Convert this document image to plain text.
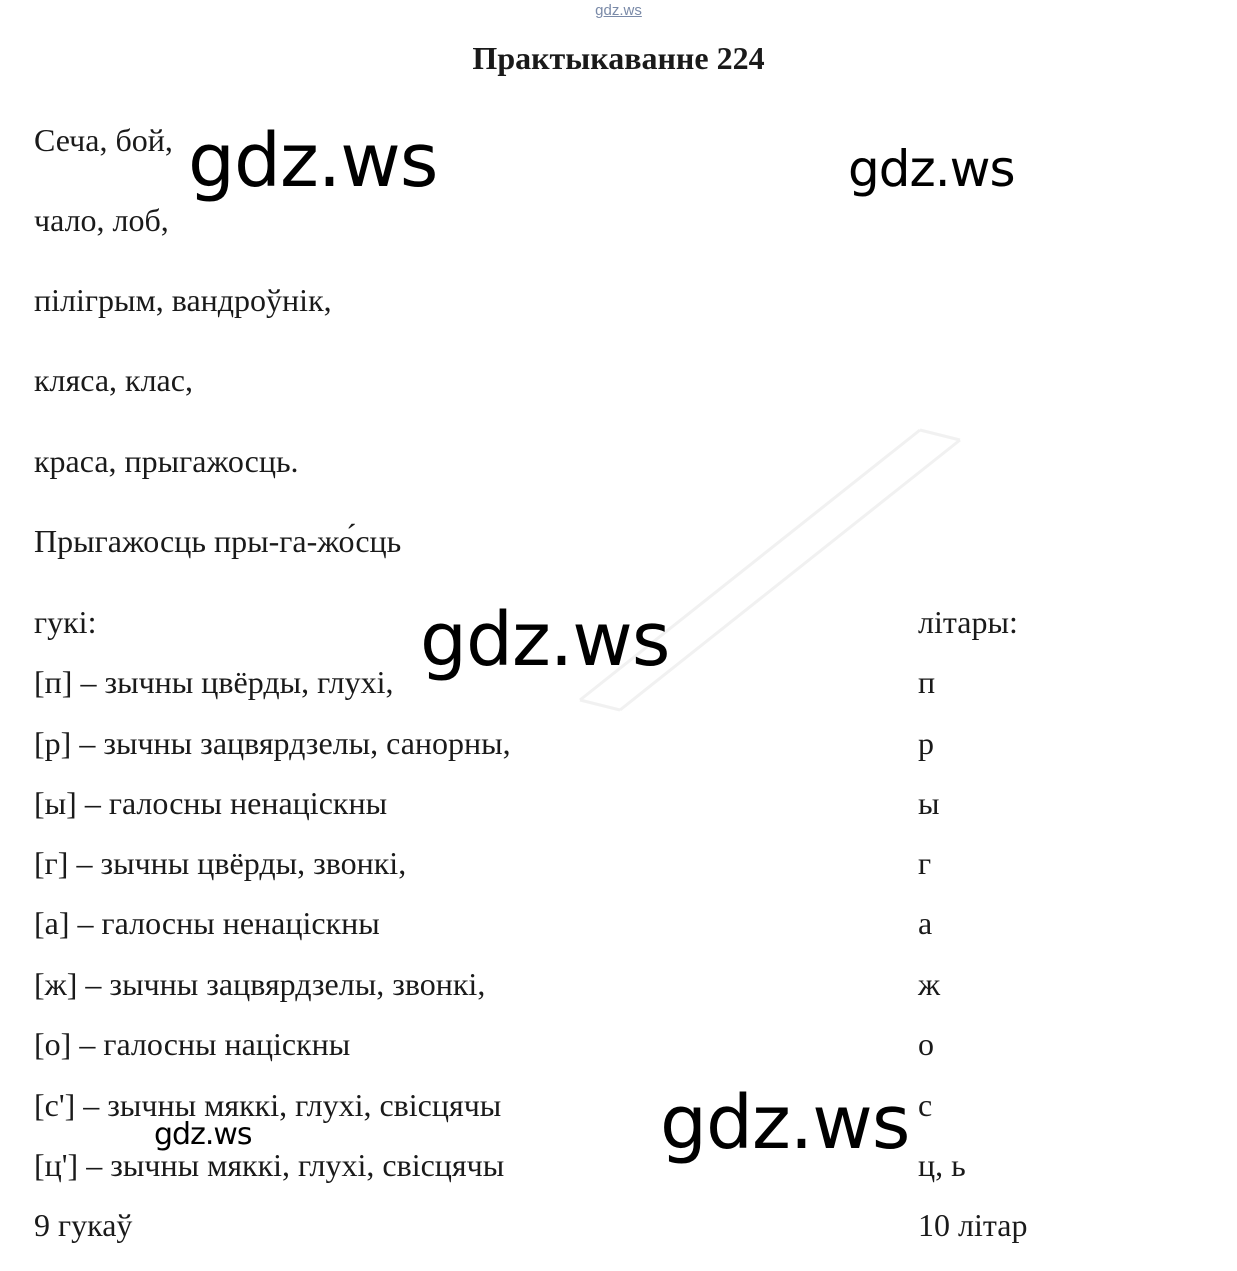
gdz.ws
Практыкаванне 224
Сеча, бой,
чало, лоб,
пілігрым, вандроўнік,
кляса, клас,
краса, прыгажосць.
Прыгажосць пры-га-жо́сць
гукі:	літары:
[п] – зычны цвёрды, глухі,	п
[р] – зычны зацвярдзелы, санорны,	р
[ы] – галосны ненацiскны	ы
[г] – зычны цвёрды, звонкі,	г
[а] – галосны ненацiскны	а
[ж] – зычны зацвярдзелы, звонкі,	ж
[о] – галосны націскны	о
[с'] – зычны мяккі, глухі, свiсцячы	с
[ц'] – зычны мяккі, глухі, свiсцячы	ц, ь
9 гукаў	10 літар
gdz.ws	gdz.ws
gdz.ws
gdz.ws
gdz.ws
